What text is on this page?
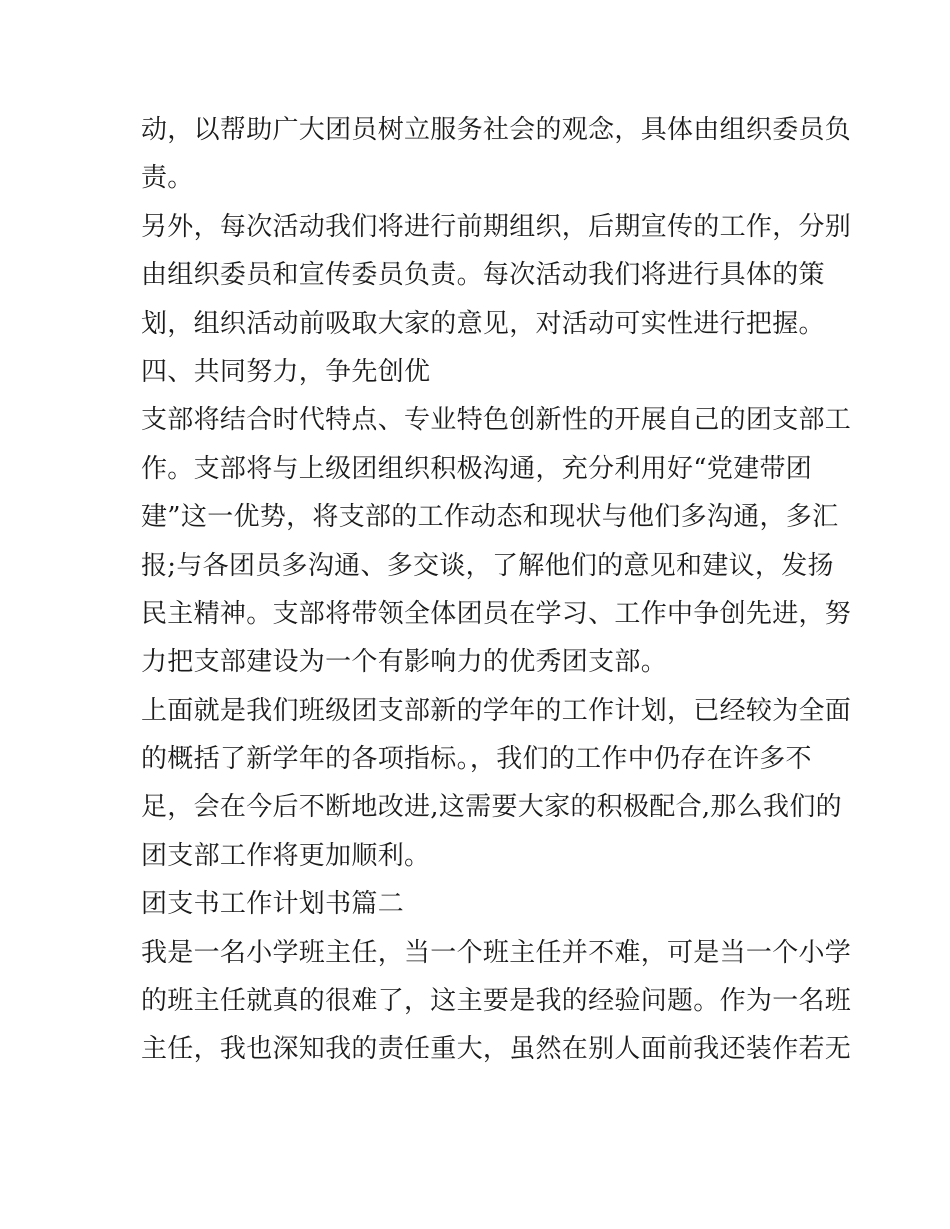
动，以帮助广大团员树立服务社会的观念，具体由组织委员负
责。
另外，每次活动我们将进行前期组织，后期宣传的工作，分别
由组织委员和宣传委员负责。每次活动我们将进行具体的策
划，组织活动前吸取大家的意见，对活动可实性进行把握。
四、共同努力，争先创优
支部将结合时代特点、专业特色创新性的开展自己的团支部工
作。支部将与上级团组织积极沟通，充分利用好“党建带团
建”这一优势，将支部的工作动态和现状与他们多沟通，多汇
报;与各团员多沟通、多交谈，了解他们的意见和建议，发扬
民主精神。支部将带领全体团员在学习、工作中争创先进，努
力把支部建设为一个有影响力的优秀团支部。
上面就是我们班级团支部新的学年的工作计划，已经较为全面
的概括了新学年的各项指标。，我们的工作中仍存在许多不
足，会在今后不断地改进,这需要大家的积极配合,那么我们的
团支部工作将更加顺利。
团支书工作计划书篇二
我是一名小学班主任，当一个班主任并不难，可是当一个小学
的班主任就真的很难了，这主要是我的经验问题。作为一名班
主任，我也深知我的责任重大，虽然在别人面前我还装作若无
